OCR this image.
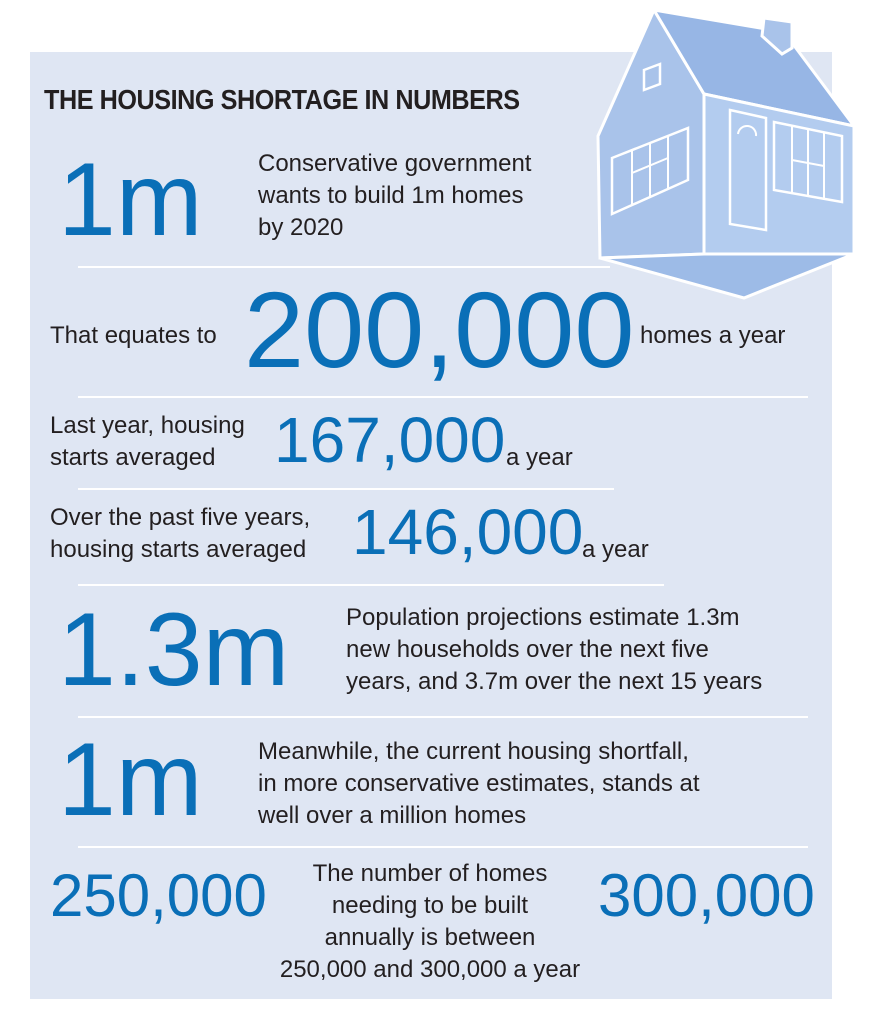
THE HOUSING SHORTAGE IN NUMBERS
1m Conservative government
wants to build 1m homes
by 2020
That equates to 200,000 homes a year
Last year, housing
starts averaged 167,000 a year
Over the past five years,
housing starts averaged 146,000
a year
1.3m Population projections estimate 1.3m
new households over the next five
years, and 3.7m over the next 15 years
1m Meanwhile, the current housing shortfall,
in more conservative estimates, stands at
well over a million homes
250,000	The number of homes
needing to be built
annually is between
250,000 and 300,000 a year
300,000
